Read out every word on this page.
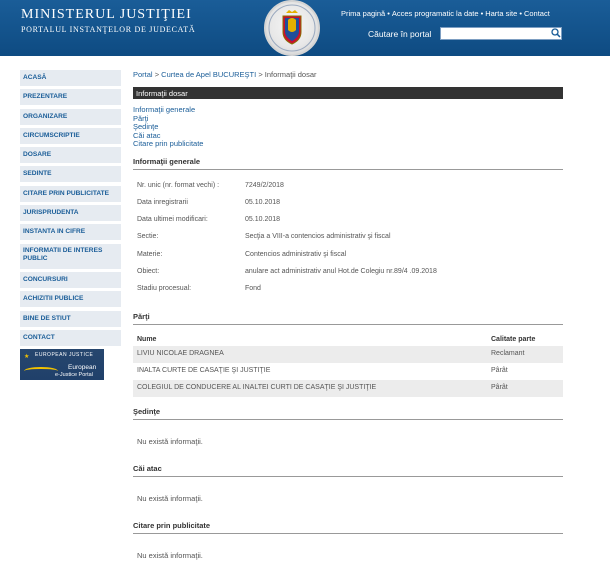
MINISTERUL JUSTIŢIEI
PORTALUL INSTANŢELOR DE JUDECATĂ
Prima pagină • Acces programatic la date • Harta site • Contact
Căutare în portal
ACASĂ
PREZENTARE
ORGANIZARE
CIRCUMSCRIPTIE
DOSARE
SEDINTE
CITARE PRIN PUBLICITATE
JURISPRUDENTA
INSTANTA IN CIFRE
INFORMATII DE INTERES PUBLIC
CONCURSURI
ACHIZITII PUBLICE
BINE DE STIUT
CONTACT
★ EUROPEAN JUSTICE
European
e-Justice Portal
Portal > Curtea de Apel BUCUREŞTI > Informaţii dosar
Informaţii dosar
Informaţii generale
Părţi
Şedinţe
Căi atac
Citare prin publicitate
Informaţii generale
Nr. unic (nr. format vechi) :	7249/2/2018
Data inregistrarii	05.10.2018
Data ultimei modificari:	05.10.2018
Sectie:	Secţia a VIII-a contencios administrativ şi fiscal
Materie:	Contencios administrativ şi fiscal
Obiect:	anulare act administrativ anul Hot.de Colegiu nr.89/4 .09.2018
Stadiu procesual:	Fond
Părţi
Nume	Calitate parte
LIVIU NICOLAE DRAGNEA	Reclamant
INALTA CURTE DE CASAŢIE ŞI JUSTIŢIE	Pârât
COLEGIUL DE CONDUCERE AL INALTEI CURTI DE CASAŢIE ŞI JUSTIŢIE	Pârât
Şedinţe
Nu există informaţii.
Căi atac
Nu există informaţii.
Citare prin publicitate
Nu există informaţii.
